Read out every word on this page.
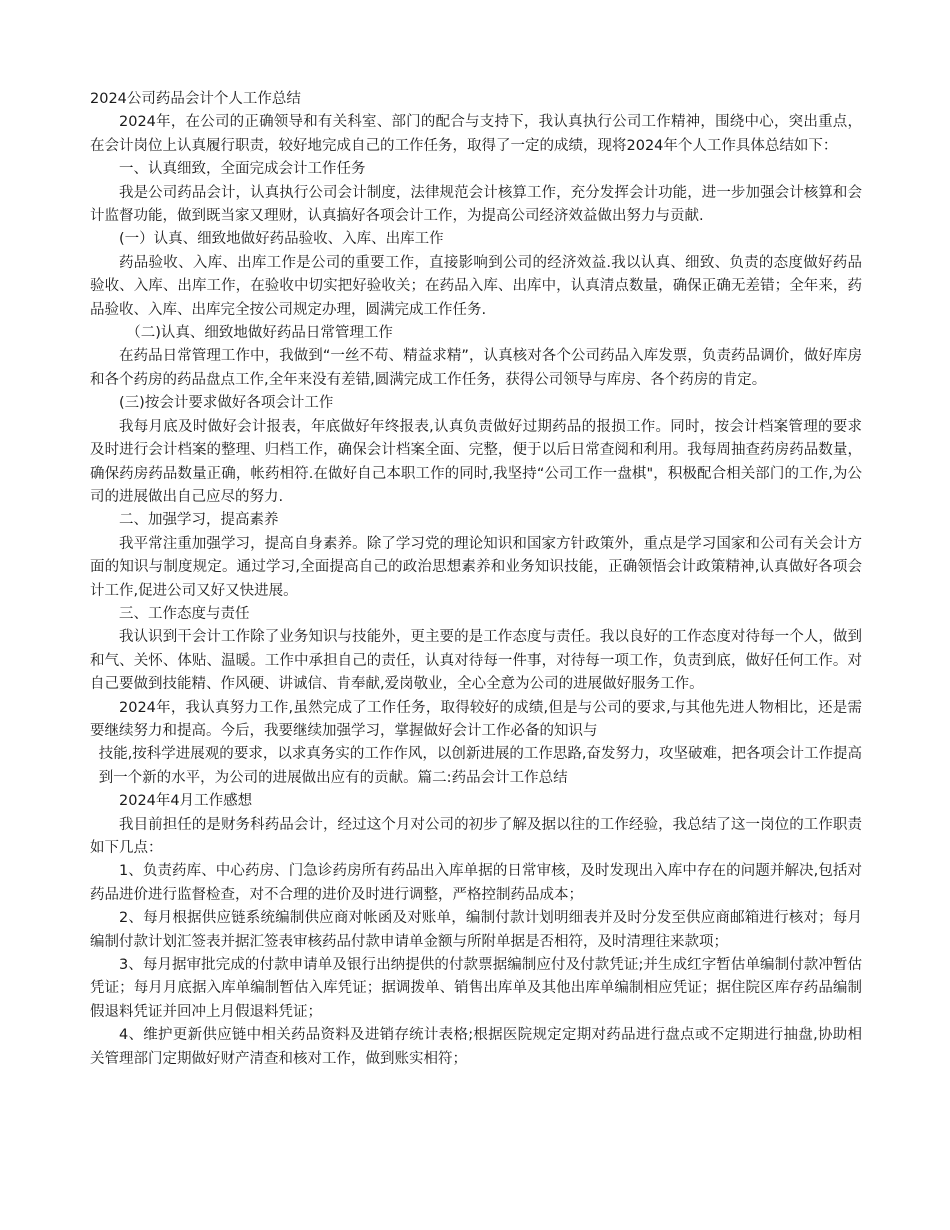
2024公司药品会计个人工作总结

2024年，在公司的正确领导和有关科室、部门的配合与支持下，我认真执行公司工作精神，围绕中心，突出重点，在会计岗位上认真履行职责，较好地完成自己的工作任务，取得了一定的成绩，现将2024年个人工作具体总结如下：

一、认真细致，全面完成会计工作任务

我是公司药品会计，认真执行公司会计制度，法律规范会计核算工作，充分发挥会计功能，进一步加强会计核算和会计监督功能，做到既当家又理财，认真搞好各项会计工作，为提高公司经济效益做出努力与贡献.

(一）认真、细致地做好药品验收、入库、出库工作

药品验收、入库、出库工作是公司的重要工作，直接影响到公司的经济效益.我以认真、细致、负责的态度做好药品验收、入库、出库工作，在验收中切实把好验收关；在药品入库、出库中，认真清点数量，确保正确无差错；全年来，药品验收、入库、出库完全按公司规定办理，圆满完成工作任务.

（二)认真、细致地做好药品日常管理工作

在药品日常管理工作中，我做到“一丝不苟、精益求精”，认真核对各个公司药品入库发票，负责药品调价，做好库房和各个药房的药品盘点工作,全年来没有差错,圆满完成工作任务，获得公司领导与库房、各个药房的肯定。

(三)按会计要求做好各项会计工作

我每月底及时做好会计报表，年底做好年终报表,认真负责做好过期药品的报损工作。同时，按会计档案管理的要求及时进行会计档案的整理、归档工作，确保会计档案全面、完整，便于以后日常查阅和利用。我每周抽查药房药品数量，确保药房药品数量正确，帐药相符.在做好自己本职工作的同时,我坚持“公司工作一盘棋"，积极配合相关部门的工作,为公司的进展做出自己应尽的努力.

二、加强学习，提高素养

我平常注重加强学习，提高自身素养。除了学习党的理论知识和国家方针政策外，重点是学习国家和公司有关会计方面的知识与制度规定。通过学习,全面提高自己的政治思想素养和业务知识技能，正确领悟会计政策精神,认真做好各项会计工作,促进公司又好又快进展。

三、工作态度与责任

我认识到干会计工作除了业务知识与技能外，更主要的是工作态度与责任。我以良好的工作态度对待每一个人，做到和气、关怀、体贴、温暖。工作中承担自己的责任，认真对待每一件事，对待每一项工作，负责到底，做好任何工作。对自己要做到技能精、作风硬、讲诚信、肯奉献,爱岗敬业，全心全意为公司的进展做好服务工作。

2024年，我认真努力工作,虽然完成了工作任务，取得较好的成绩,但是与公司的要求,与其他先进人物相比，还是需要继续努力和提高。今后，我要继续加强学习，掌握做好会计工作必备的知识与

技能,按科学进展观的要求，以求真务实的工作作风，以创新进展的工作思路,奋发努力，攻坚破难，把各项会计工作提高到一个新的水平，为公司的进展做出应有的贡献。篇二:药品会计工作总结

2024年4月工作感想

我目前担任的是财务科药品会计，经过这个月对公司的初步了解及据以往的工作经验，我总结了这一岗位的工作职责如下几点：

1、负责药库、中心药房、门急诊药房所有药品出入库单据的日常审核，及时发现出入库中存在的问题并解决,包括对药品进价进行监督检查，对不合理的进价及时进行调整，严格控制药品成本；

2、每月根据供应链系统编制供应商对帐函及对账单，编制付款计划明细表并及时分发至供应商邮箱进行核对；每月编制付款计划汇签表并据汇签表审核药品付款申请单金额与所附单据是否相符，及时清理往来款项；

3、每月据审批完成的付款申请单及银行出纳提供的付款票据编制应付及付款凭证;并生成红字暂估单编制付款冲暂估凭证；每月月底据入库单编制暂估入库凭证；据调拨单、销售出库单及其他出库单编制相应凭证；据住院区库存药品编制假退料凭证并回冲上月假退料凭证；

4、维护更新供应链中相关药品资料及进销存统计表格;根据医院规定定期对药品进行盘点或不定期进行抽盘,协助相关管理部门定期做好财产清查和核对工作，做到账实相符；
